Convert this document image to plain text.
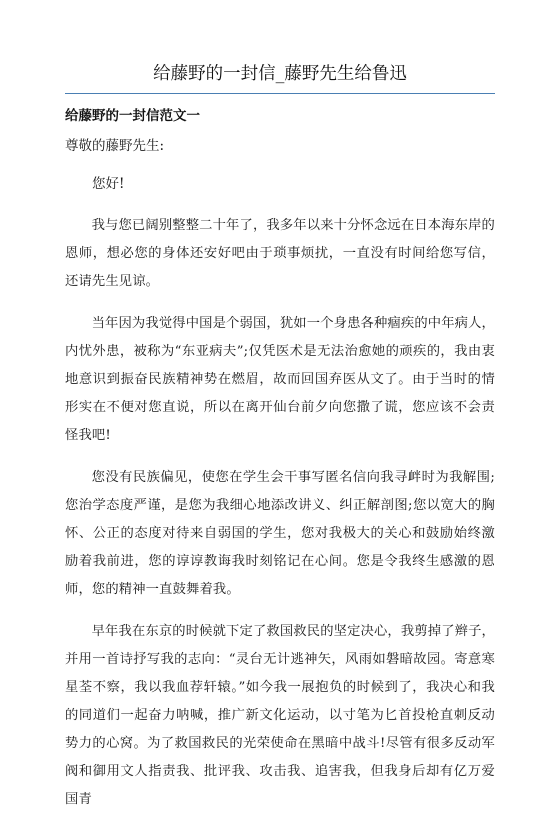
给藤野的一封信_藤野先生给鲁迅
给藤野的一封信范文一

尊敬的藤野先生:

您好!

我与您已阔别整整二十年了，我多年以来十分怀念远在日本海东岸的恩师，想必您的身体还安好吧由于琐事烦扰，一直没有时间给您写信，还请先生见谅。

当年因为我觉得中国是个弱国，犹如一个身患各种痼疾的中年病人，内忧外患，被称为“东亚病夫”;仅凭医术是无法治愈她的顽疾的，我由衷地意识到振奋民族精神势在燃眉，故而回国弃医从文了。由于当时的情形实在不便对您直说，所以在离开仙台前夕向您撒了谎，您应该不会责怪我吧!

您没有民族偏见，使您在学生会干事写匿名信向我寻衅时为我解围;您治学态度严谨，是您为我细心地添改讲义、纠正解剖图;您以宽大的胸怀、公正的态度对待来自弱国的学生，您对我极大的关心和鼓励始终激励着我前进，您的谆谆教诲我时刻铭记在心间。您是令我终生感激的恩师，您的精神一直鼓舞着我。

早年我在东京的时候就下定了救国救民的坚定决心，我剪掉了辫子，并用一首诗抒写我的志向：“灵台无计逃神矢，风雨如磐暗故园。寄意寒星荃不察，我以我血荐轩辕。”如今我一展抱负的时候到了，我决心和我的同道们一起奋力呐喊，推广新文化运动，以寸笔为匕首投枪直刺反动势力的心窝。为了救国救民的光荣使命在黑暗中战斗!尽管有很多反动军阀和御用文人指责我、批评我、攻击我、追害我，但我身后却有亿万爱国青
